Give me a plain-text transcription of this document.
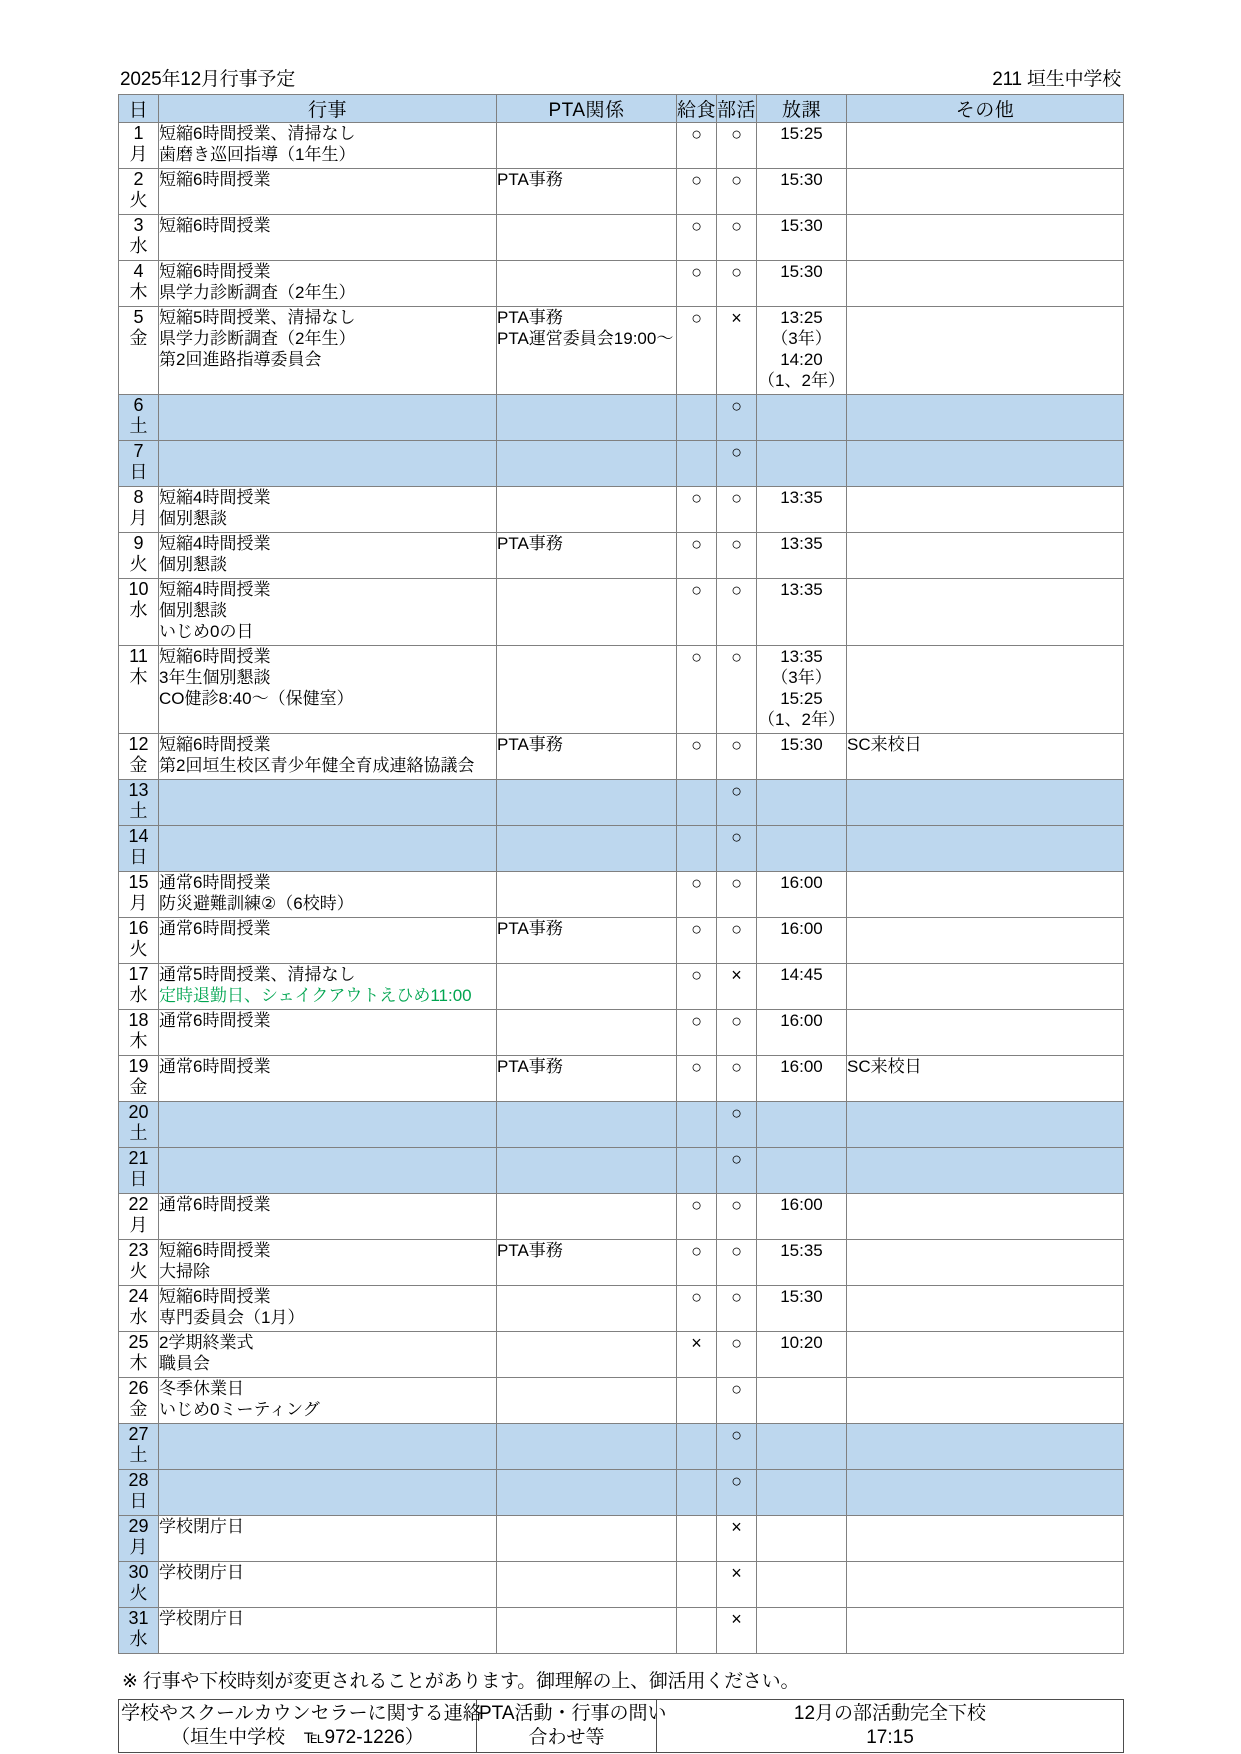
2025年12月行事予定	211 垣生中学校
日	行事	PTA関係	給食	部活	放課	その他

1
月	短縮6時間授業、清掃なし
歯磨き巡回指導（1年生）		○	○	15:25	

2
火	短縮6時間授業	PTA事務	○	○	15:30	

3
水	短縮6時間授業		○	○	15:30	

4
木	短縮6時間授業
県学力診断調査（2年生）		○	○	15:30	

5
金	短縮5時間授業、清掃なし
県学力診断調査（2年生）
第2回進路指導委員会	PTA事務
PTA運営委員会19:00〜	○	×	13:25
（3年）
14:20
（1、2年）	

6
土				○		

7
日				○		

8
月	短縮4時間授業
個別懇談		○	○	13:35	

9
火	短縮4時間授業
個別懇談	PTA事務	○	○	13:35	

10
水	短縮4時間授業
個別懇談
いじめ0の日		○	○	13:35	

11
木	短縮6時間授業
3年生個別懇談
CO健診8:40〜（保健室）		○	○	13:35
（3年）
15:25
（1、2年）	

12
金	短縮6時間授業
第2回垣生校区青少年健全育成連絡協議会	PTA事務	○	○	15:30	SC来校日

13
土				○		

14
日				○		

15
月	通常6時間授業
防災避難訓練②（6校時）		○	○	16:00	

16
火	通常6時間授業	PTA事務	○	○	16:00	

17
水	通常5時間授業、清掃なし
定時退勤日、シェイクアウトえひめ11:00		○	×	14:45	

18
木	通常6時間授業		○	○	16:00	

19
金	通常6時間授業	PTA事務	○	○	16:00	SC来校日

20
土				○		

21
日				○		

22
月	通常6時間授業		○	○	16:00	

23
火	短縮6時間授業
大掃除	PTA事務	○	○	15:35	

24
水	短縮6時間授業
専門委員会（1月）		○	○	15:30	

25
木	2学期終業式
職員会		×	○	10:20	

26
金	冬季休業日
いじめ0ミーティング			○		

27
土				○		

28
日				○		

29
月	学校閉庁日			×		

30
火	学校閉庁日			×		

31
水	学校閉庁日			×		
※ 行事や下校時刻が変更されることがあります。御理解の上、御活用ください。
学校やスクールカウンセラーに関する連絡
（垣生中学校　℡972-1226）

PTA活動・行事の問い
合わせ等

12月の部活動完全下校
17:15
